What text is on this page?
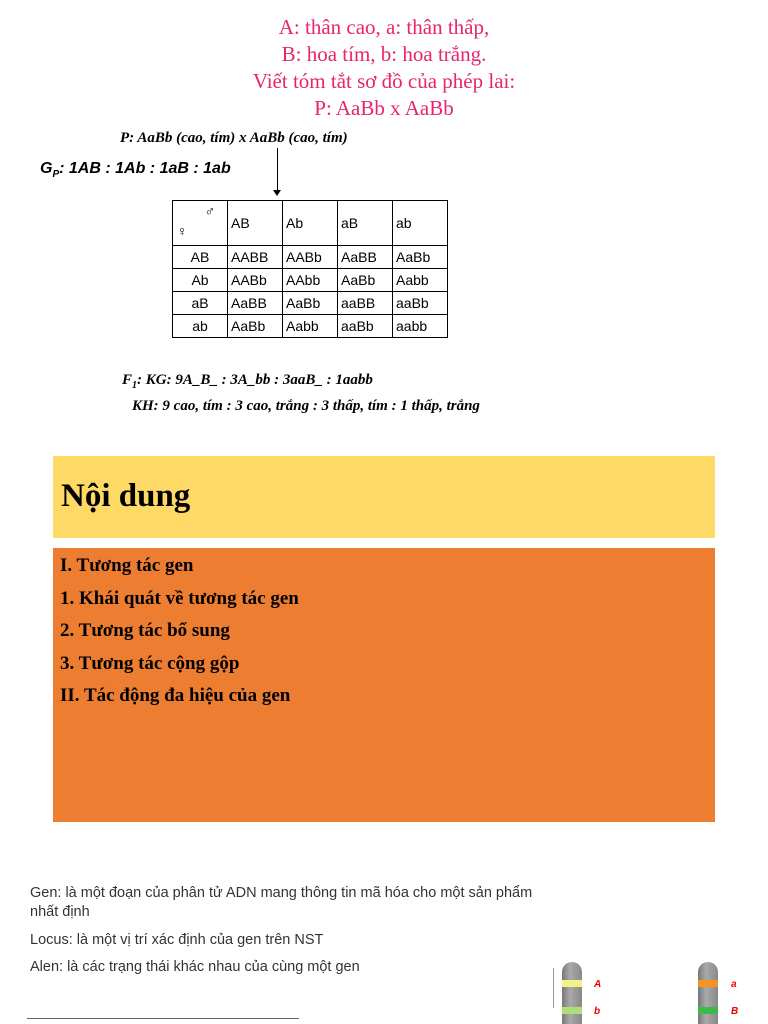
A: thân cao, a: thân thấp,
B: hoa tím, b: hoa trắng.
Viết tóm tắt sơ đồ của phép lai:
P: AaBb x AaBb
P: AaBb (cao, tím) x AaBb (cao, tím)
$G_P$: 1AB : 1Ab : 1aB : 1ab
♂
♀	AB	Ab	aB	ab
AB	AABB	AABb	AaBB	AaBb
Ab	AABb	AAbb	AaBb	Aabb
aB	AaBB	AaBb	aaBB	aaBb
ab	AaBb	Aabb	aaBb	aabb
$F_1$: KG: 9A_B_ : 3A_bb : 3aaB_ : 1aabb
KH: 9 cao, tím : 3 cao, trắng : 3 thấp, tím : 1 thấp, trắng
Nội dung
I. Tương tác gen
1. Khái quát về tương tác gen
2. Tương tác bổ sung
3. Tương tác cộng gộp
II. Tác động đa hiệu của gen
Gen: là một đoạn của phân tử ADN mang thông tin mã hóa cho một sản phẩm nhất định
Locus: là một vị trí xác định của gen trên NST
Alen: là các trạng thái khác nhau của cùng một gen
A
b
a
B
